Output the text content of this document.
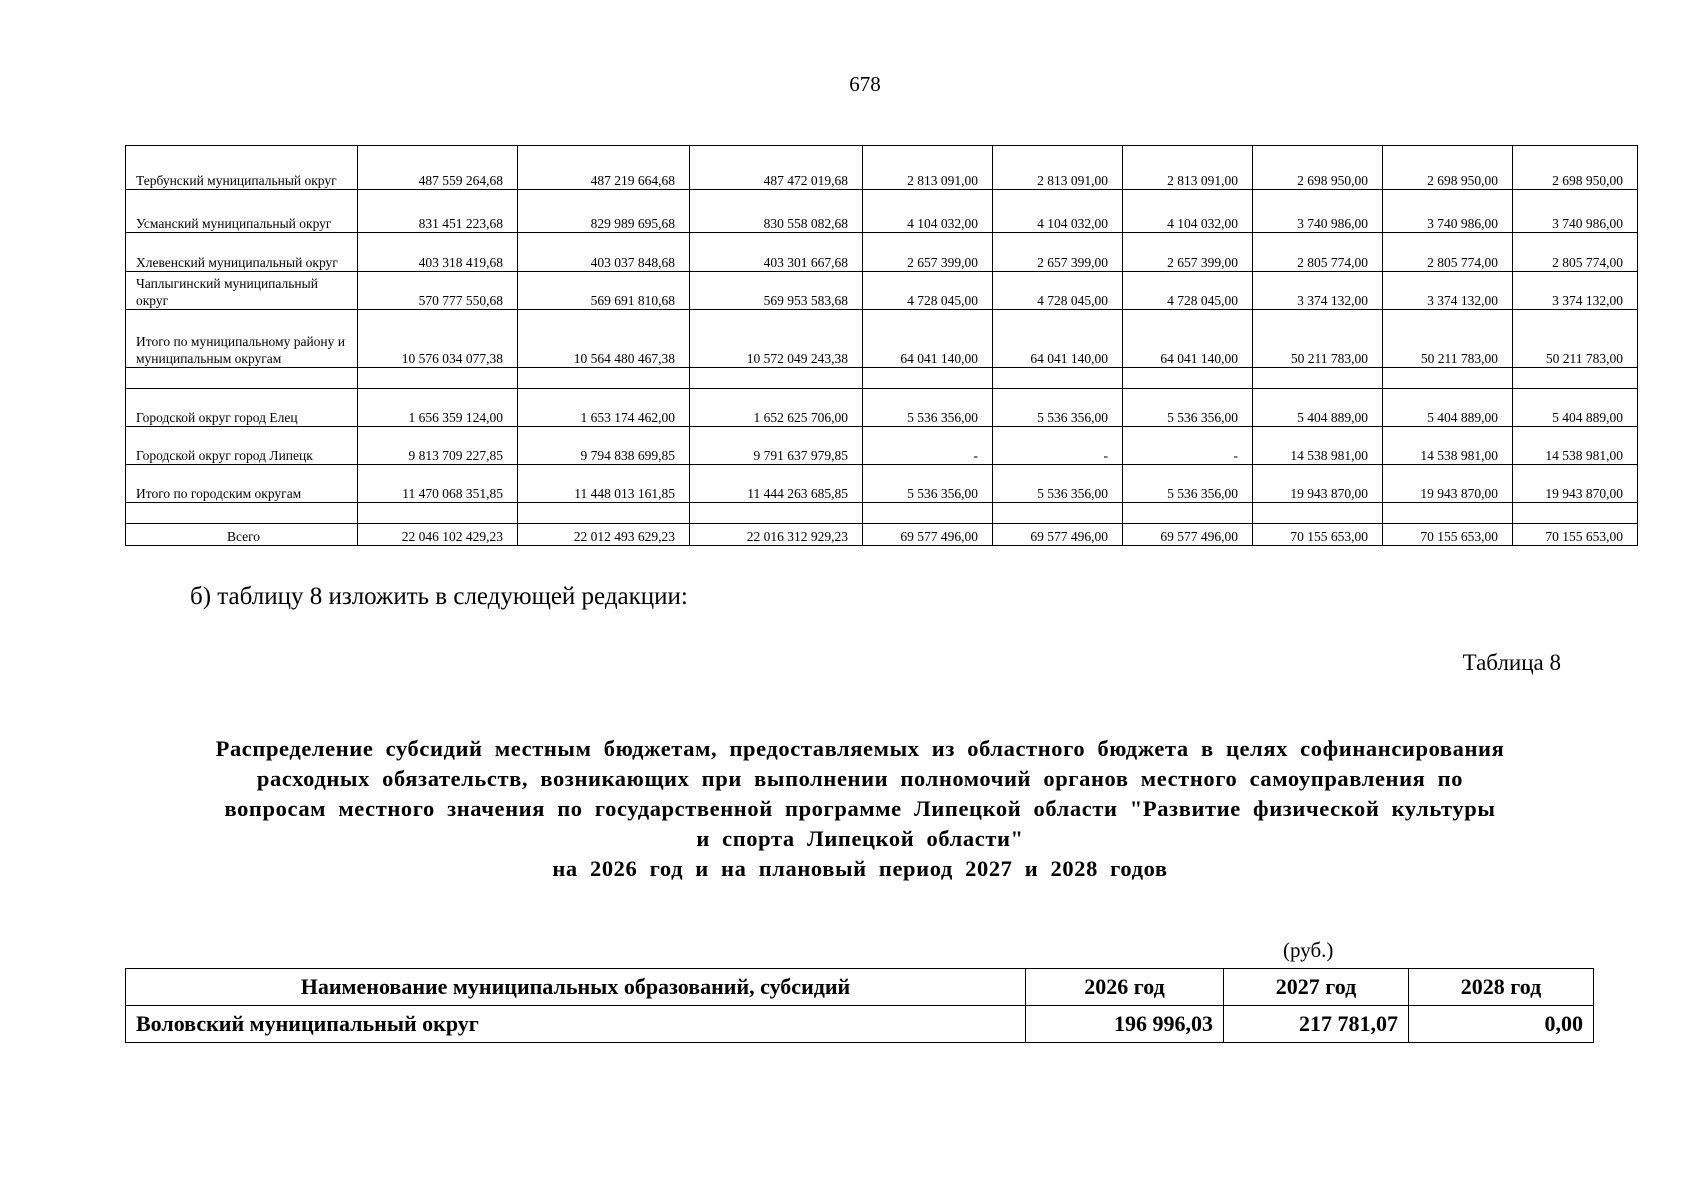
678
Тербунский муниципальный округ	487 559 264,68	487 219 664,68	487 472 019,68	2 813 091,00	2 813 091,00	2 813 091,00	2 698 950,00	2 698 950,00	2 698 950,00
Усманский муниципальный округ	831 451 223,68	829 989 695,68	830 558 082,68	4 104 032,00	4 104 032,00	4 104 032,00	3 740 986,00	3 740 986,00	3 740 986,00
Хлевенский муниципальный округ	403 318 419,68	403 037 848,68	403 301 667,68	2 657 399,00	2 657 399,00	2 657 399,00	2 805 774,00	2 805 774,00	2 805 774,00
Чаплыгинский муниципальный округ	570 777 550,68	569 691 810,68	569 953 583,68	4 728 045,00	4 728 045,00	4 728 045,00	3 374 132,00	3 374 132,00	3 374 132,00
Итого по муниципальному району и муниципальным округам	10 576 034 077,38	10 564 480 467,38	10 572 049 243,38	64 041 140,00	64 041 140,00	64 041 140,00	50 211 783,00	50 211 783,00	50 211 783,00

Городской округ город Елец	1 656 359 124,00	1 653 174 462,00	1 652 625 706,00	5 536 356,00	5 536 356,00	5 536 356,00	5 404 889,00	5 404 889,00	5 404 889,00
Городской округ город Липецк	9 813 709 227,85	9 794 838 699,85	9 791 637 979,85	-	-	-	14 538 981,00	14 538 981,00	14 538 981,00
Итого по городским округам	11 470 068 351,85	11 448 013 161,85	11 444 263 685,85	5 536 356,00	5 536 356,00	5 536 356,00	19 943 870,00	19 943 870,00	19 943 870,00

Всего	22 046 102 429,23	22 012 493 629,23	22 016 312 929,23	69 577 496,00	69 577 496,00	69 577 496,00	70 155 653,00	70 155 653,00	70 155 653,00
б) таблицу 8 изложить в следующей редакции:
Таблица 8
Распределение субсидий местным бюджетам, предоставляемых из областного бюджета в целях софинансирования
расходных обязательств, возникающих при выполнении полномочий органов местного самоуправления по
вопросам местного значения по государственной программе Липецкой области "Развитие физической культуры
и спорта Липецкой области"
на 2026 год и на плановый период 2027 и 2028 годов
(руб.)
Наименование муниципальных образований, субсидий	2026 год	2027 год	2028 год
Воловский муниципальный округ	196 996,03	217 781,07	0,00
